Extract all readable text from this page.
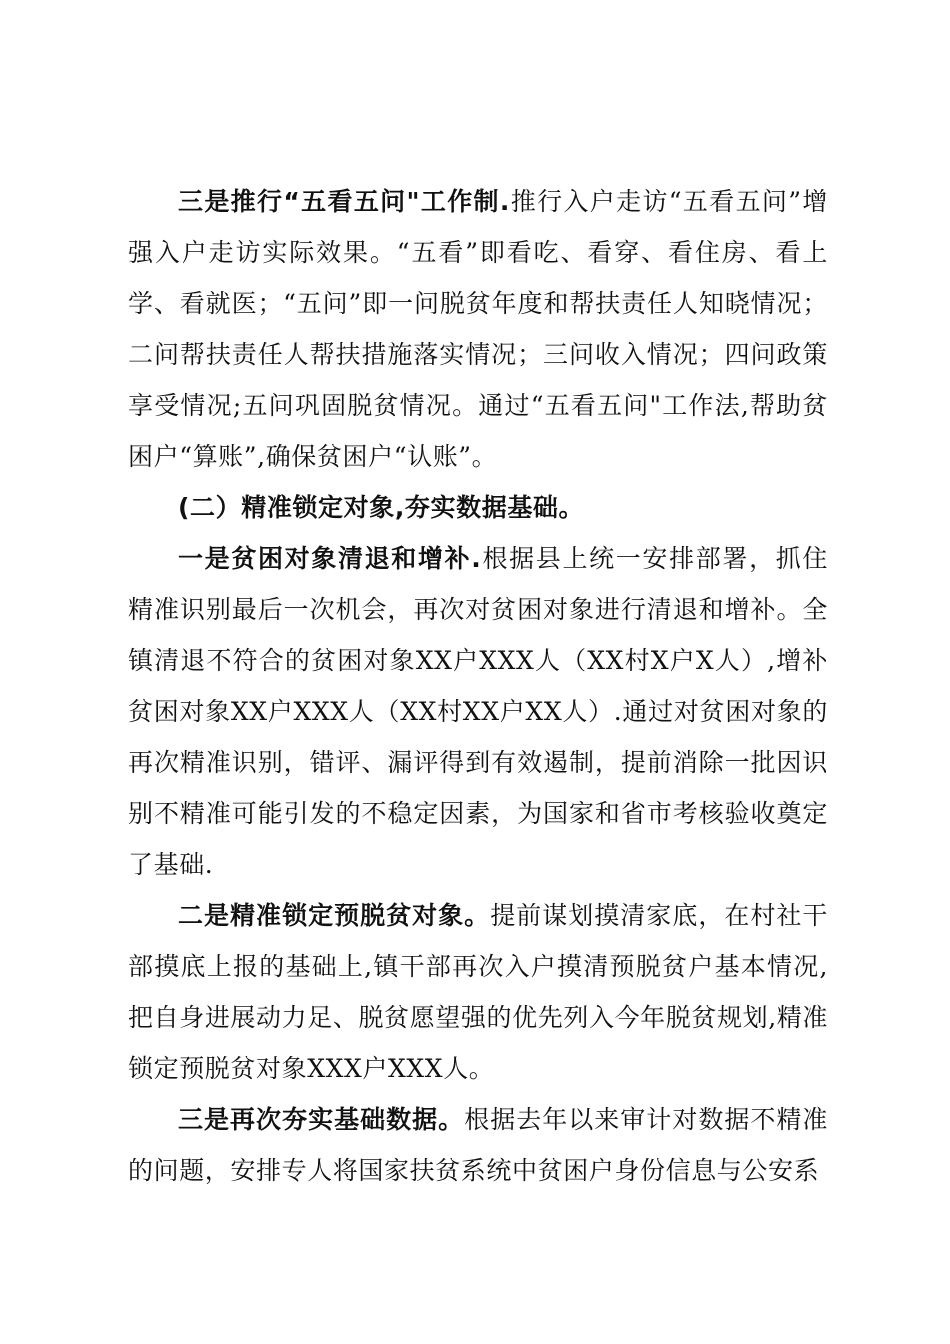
三是推行“五看五问"工作制.推行入户走访“五看五问”增强入户走访实际效果。“五看”即看吃、看穿、看住房、看上学、看就医；“五问”即一问脱贫年度和帮扶责任人知晓情况；二问帮扶责任人帮扶措施落实情况；三问收入情况；四问政策享受情况;五问巩固脱贫情况。通过“五看五问"工作法,帮助贫困户“算账”,确保贫困户“认账”。

(二）精准锁定对象,夯实数据基础。

一是贫困对象清退和增补.根据县上统一安排部署，抓住精准识别最后一次机会，再次对贫困对象进行清退和增补。全镇清退不符合的贫困对象XX户XXX人（XX村X户X人）,增补贫困对象XX户XXX人（XX村XX户XX人）.通过对贫困对象的再次精准识别，错评、漏评得到有效遏制，提前消除一批因识别不精准可能引发的不稳定因素，为国家和省市考核验收奠定了基础.

二是精准锁定预脱贫对象。提前谋划摸清家底，在村社干部摸底上报的基础上,镇干部再次入户摸清预脱贫户基本情况,把自身进展动力足、脱贫愿望强的优先列入今年脱贫规划,精准锁定预脱贫对象XXX户XXX人。

三是再次夯实基础数据。根据去年以来审计对数据不精准的问题，安排专人将国家扶贫系统中贫困户身份信息与公安系
